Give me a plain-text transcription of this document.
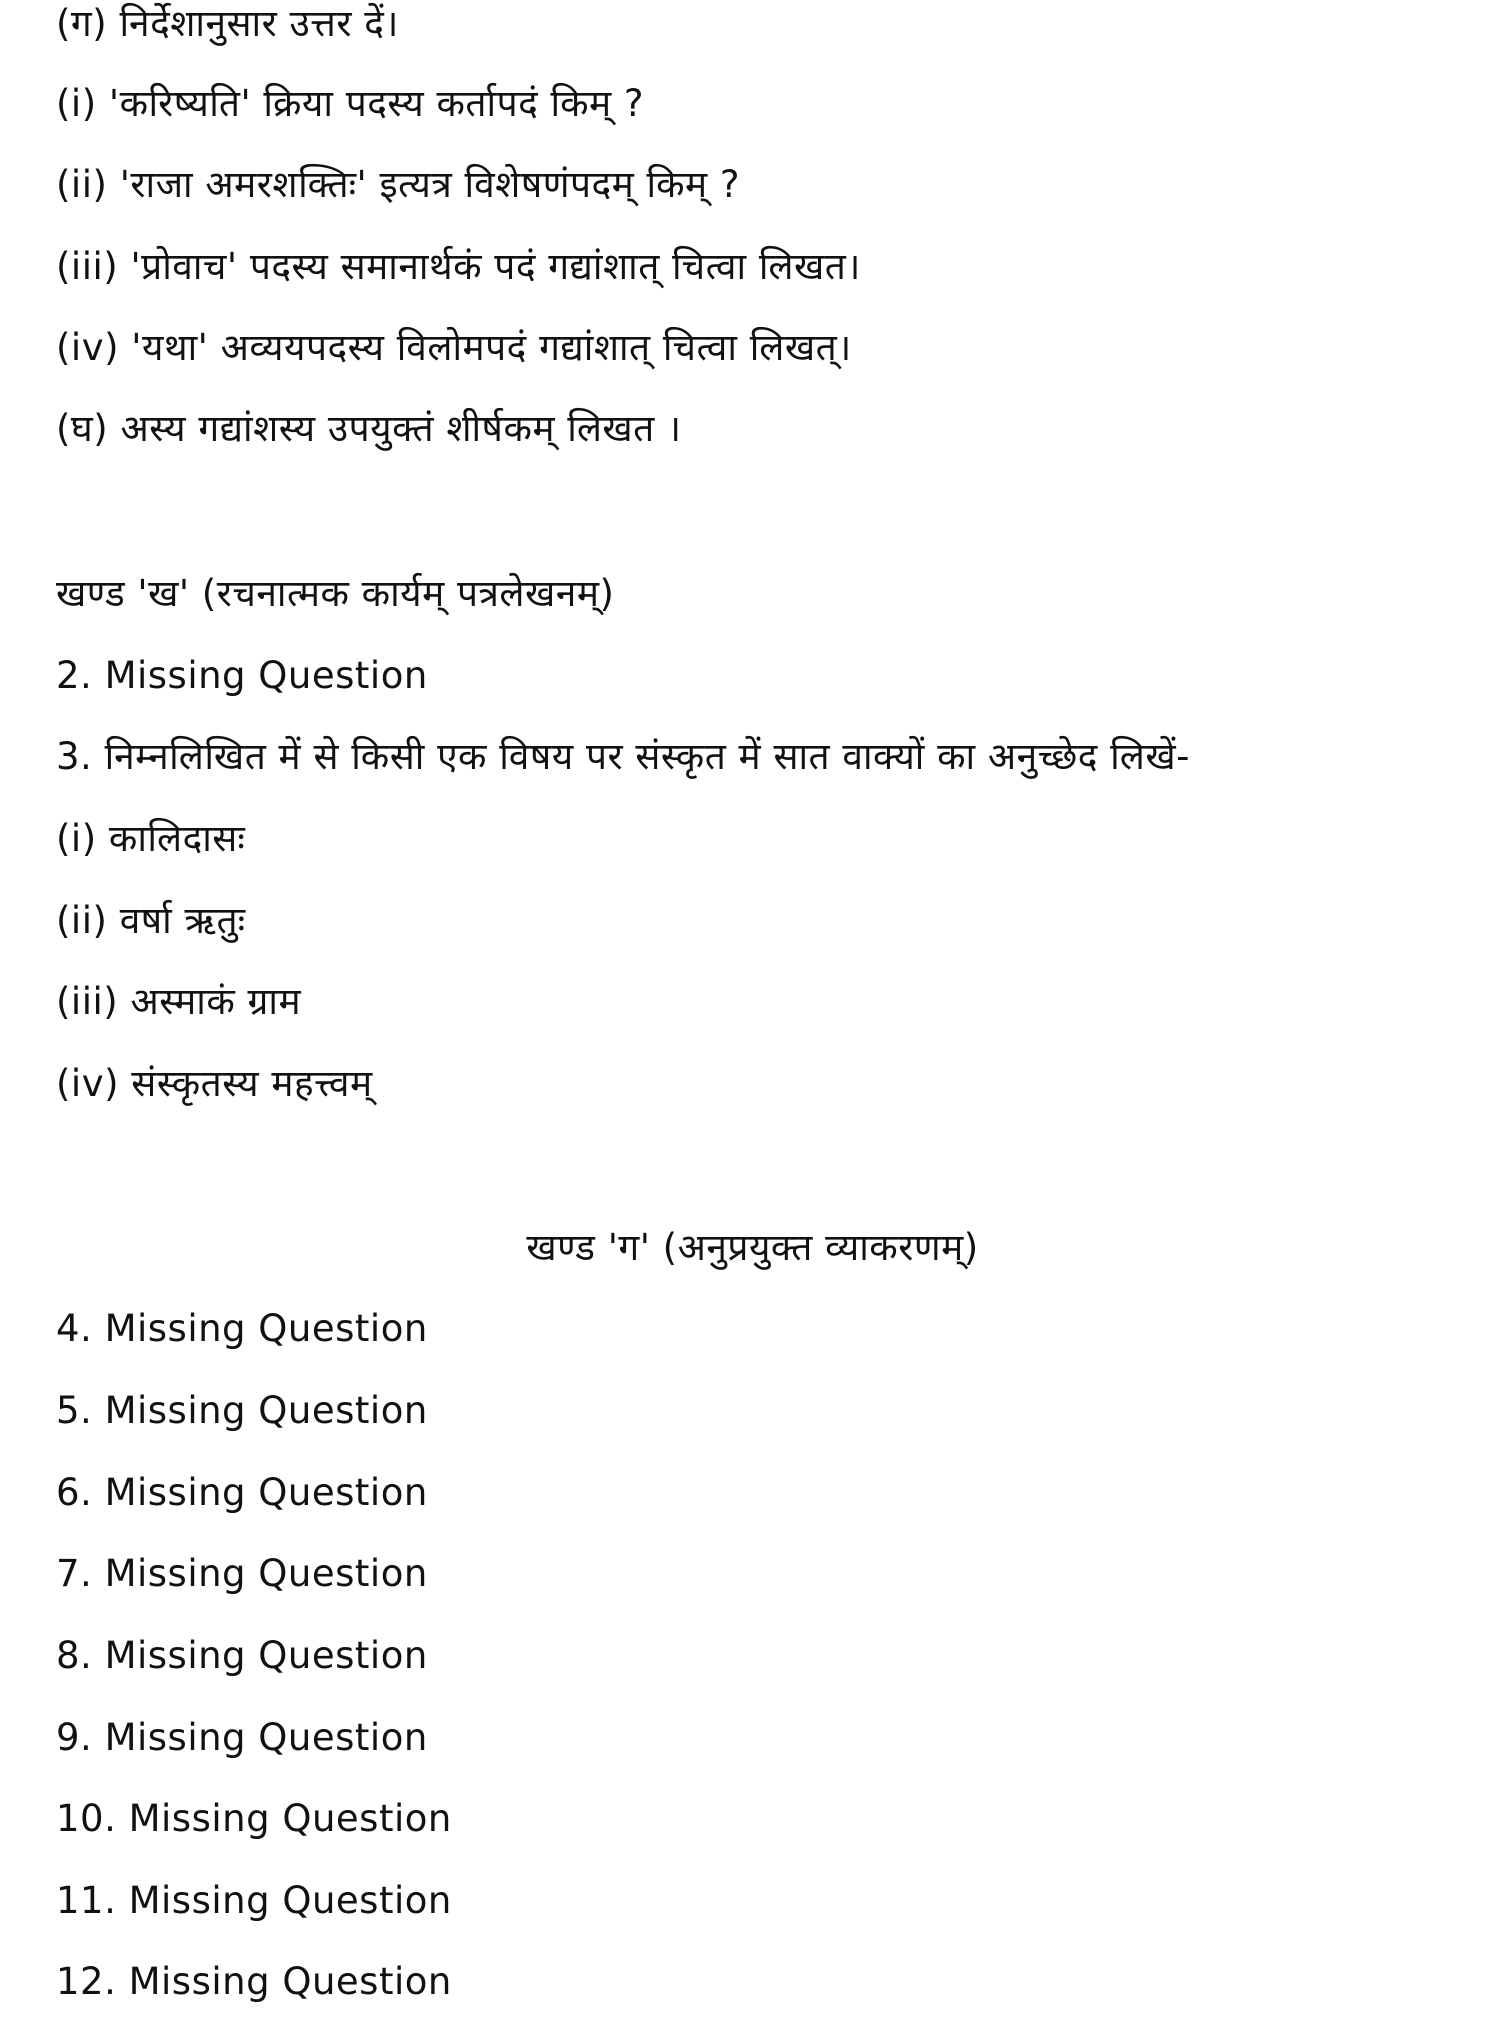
(ग) निर्देशानुसार उत्तर दें।
(i) 'करिष्यति' क्रिया पदस्य कर्तापदं किम् ?
(ii) 'राजा अमरशक्तिः' इत्यत्र विशेषणंपदम् किम् ?
(iii) 'प्रोवाच' पदस्य समानार्थकं पदं गद्यांशात् चित्वा लिखत।
(iv) 'यथा' अव्ययपदस्य विलोमपदं गद्यांशात् चित्वा लिखत्।
(घ) अस्य गद्यांशस्य उपयुक्तं शीर्षकम् लिखत ।
खण्ड 'ख' (रचनात्मक कार्यम् पत्रलेखनम्)
2. Missing Question
3. निम्नलिखित में से किसी एक विषय पर संस्कृत में सात वाक्यों का अनुच्छेद लिखें-
(i) कालिदासः
(ii) वर्षा ऋतुः
(iii) अस्माकं ग्राम
(iv) संस्कृतस्य महत्त्वम्
खण्ड 'ग' (अनुप्रयुक्त व्याकरणम्)
4. Missing Question
5. Missing Question
6. Missing Question
7. Missing Question
8. Missing Question
9. Missing Question
10. Missing Question
11. Missing Question
12. Missing Question
